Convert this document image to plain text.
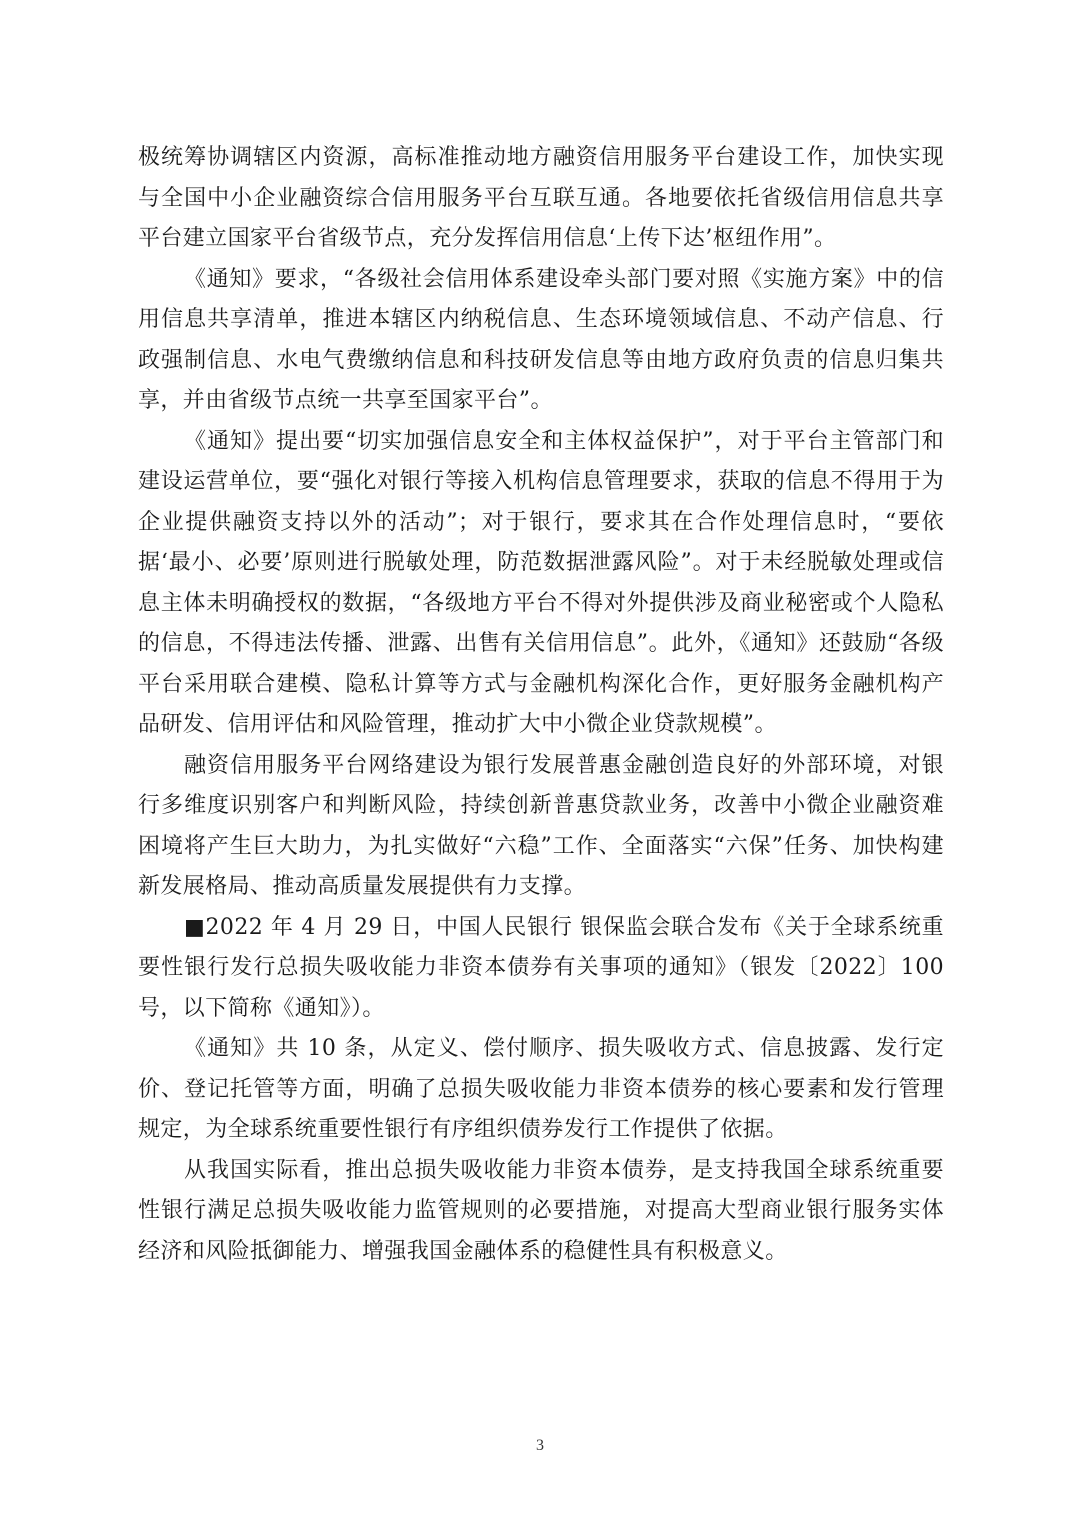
极统筹协调辖区内资源，高标准推动地方融资信用服务平台建设工作，加快实现与全国中小企业融资综合信用服务平台互联互通。各地要依托省级信用信息共享平台建立国家平台省级节点，充分发挥信用信息‘上传下达’枢纽作用”。

《通知》要求，“各级社会信用体系建设牵头部门要对照《实施方案》中的信用信息共享清单，推进本辖区内纳税信息、生态环境领域信息、不动产信息、行政强制信息、水电气费缴纳信息和科技研发信息等由地方政府负责的信息归集共享，并由省级节点统一共享至国家平台”。

《通知》提出要“切实加强信息安全和主体权益保护”，对于平台主管部门和建设运营单位，要“强化对银行等接入机构信息管理要求，获取的信息不得用于为企业提供融资支持以外的活动”；对于银行，要求其在合作处理信息时，“要依据‘最小、必要’原则进行脱敏处理，防范数据泄露风险”。对于未经脱敏处理或信息主体未明确授权的数据，“各级地方平台不得对外提供涉及商业秘密或个人隐私的信息，不得违法传播、泄露、出售有关信用信息”。此外，《通知》还鼓励“各级平台采用联合建模、隐私计算等方式与金融机构深化合作，更好服务金融机构产品研发、信用评估和风险管理，推动扩大中小微企业贷款规模”。

融资信用服务平台网络建设为银行发展普惠金融创造良好的外部环境，对银行多维度识别客户和判断风险，持续创新普惠贷款业务，改善中小微企业融资难困境将产生巨大助力，为扎实做好“六稳”工作、全面落实“六保”任务、加快构建新发展格局、推动高质量发展提供有力支撑。

■2022 年 4 月 29 日，中国人民银行 银保监会联合发布《关于全球系统重要性银行发行总损失吸收能力非资本债券有关事项的通知》（银发〔2022〕100 号，以下简称《通知》）。

《通知》共 10 条，从定义、偿付顺序、损失吸收方式、信息披露、发行定价、登记托管等方面，明确了总损失吸收能力非资本债券的核心要素和发行管理规定，为全球系统重要性银行有序组织债券发行工作提供了依据。

从我国实际看，推出总损失吸收能力非资本债券，是支持我国全球系统重要性银行满足总损失吸收能力监管规则的必要措施，对提高大型商业银行服务实体经济和风险抵御能力、增强我国金融体系的稳健性具有积极意义。

3
